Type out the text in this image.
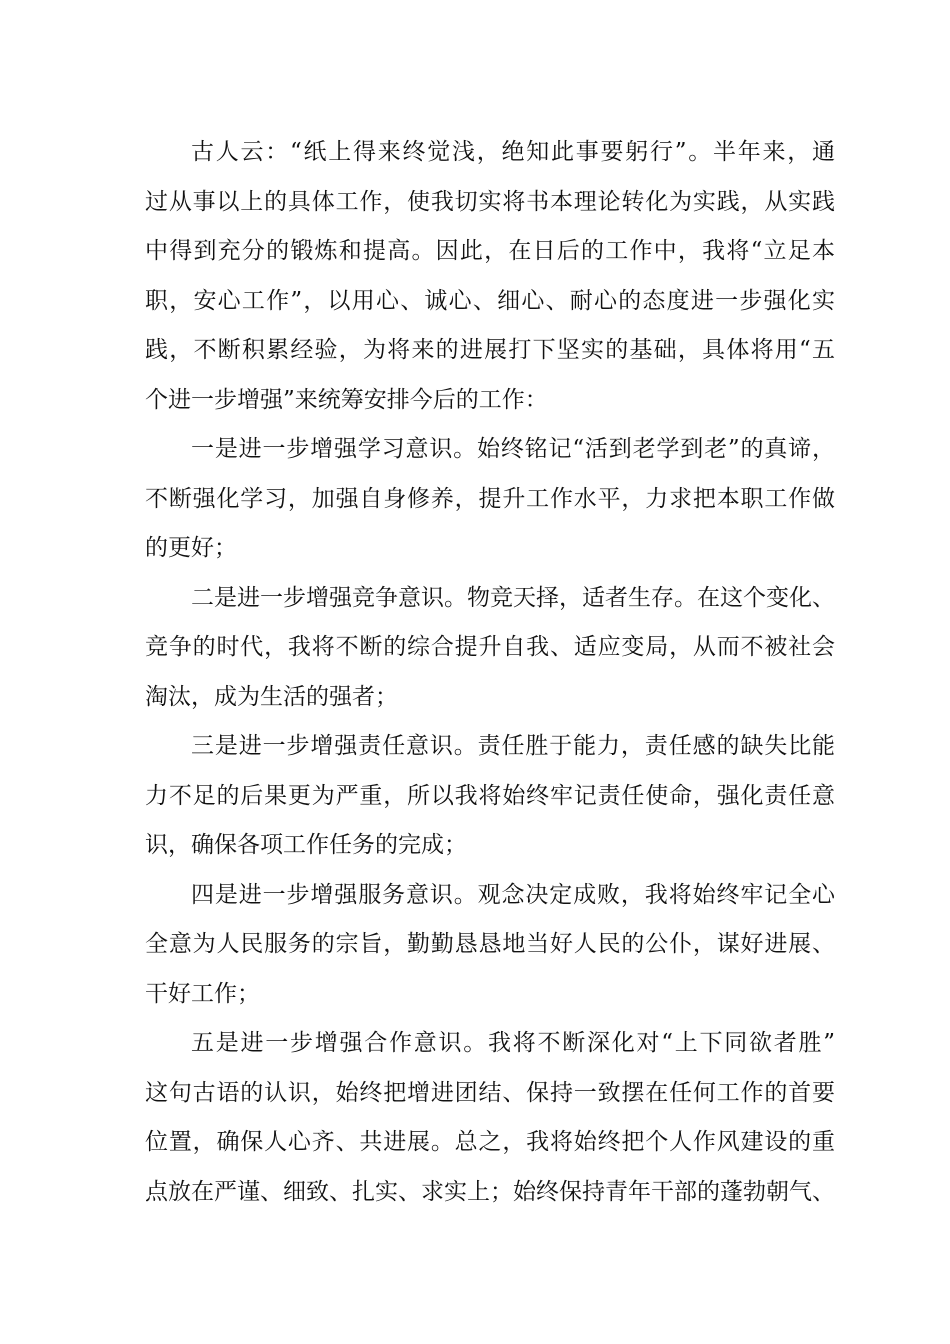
古人云：“纸上得来终觉浅，绝知此事要躬行”。半年来，通
过从事以上的具体工作，使我切实将书本理论转化为实践，从实践
中得到充分的锻炼和提高。因此，在日后的工作中，我将“立足本
职，安心工作”，以用心、诚心、细心、耐心的态度进一步强化实
践，不断积累经验，为将来的进展打下坚实的基础，具体将用“五
个进一步增强”来统筹安排今后的工作：
一是进一步增强学习意识。始终铭记“活到老学到老”的真谛，
不断强化学习，加强自身修养，提升工作水平，力求把本职工作做
的更好；
二是进一步增强竞争意识。物竞天择，适者生存。在这个变化、
竞争的时代，我将不断的综合提升自我、适应变局，从而不被社会
淘汰，成为生活的强者；
三是进一步增强责任意识。责任胜于能力，责任感的缺失比能
力不足的后果更为严重，所以我将始终牢记责任使命，强化责任意
识，确保各项工作任务的完成；
四是进一步增强服务意识。观念决定成败，我将始终牢记全心
全意为人民服务的宗旨，勤勤恳恳地当好人民的公仆，谋好进展、
干好工作；
五是进一步增强合作意识。我将不断深化对“上下同欲者胜”
这句古语的认识，始终把增进团结、保持一致摆在任何工作的首要
位置，确保人心齐、共进展。总之，我将始终把个人作风建设的重
点放在严谨、细致、扎实、求实上；始终保持青年干部的蓬勃朝气、
